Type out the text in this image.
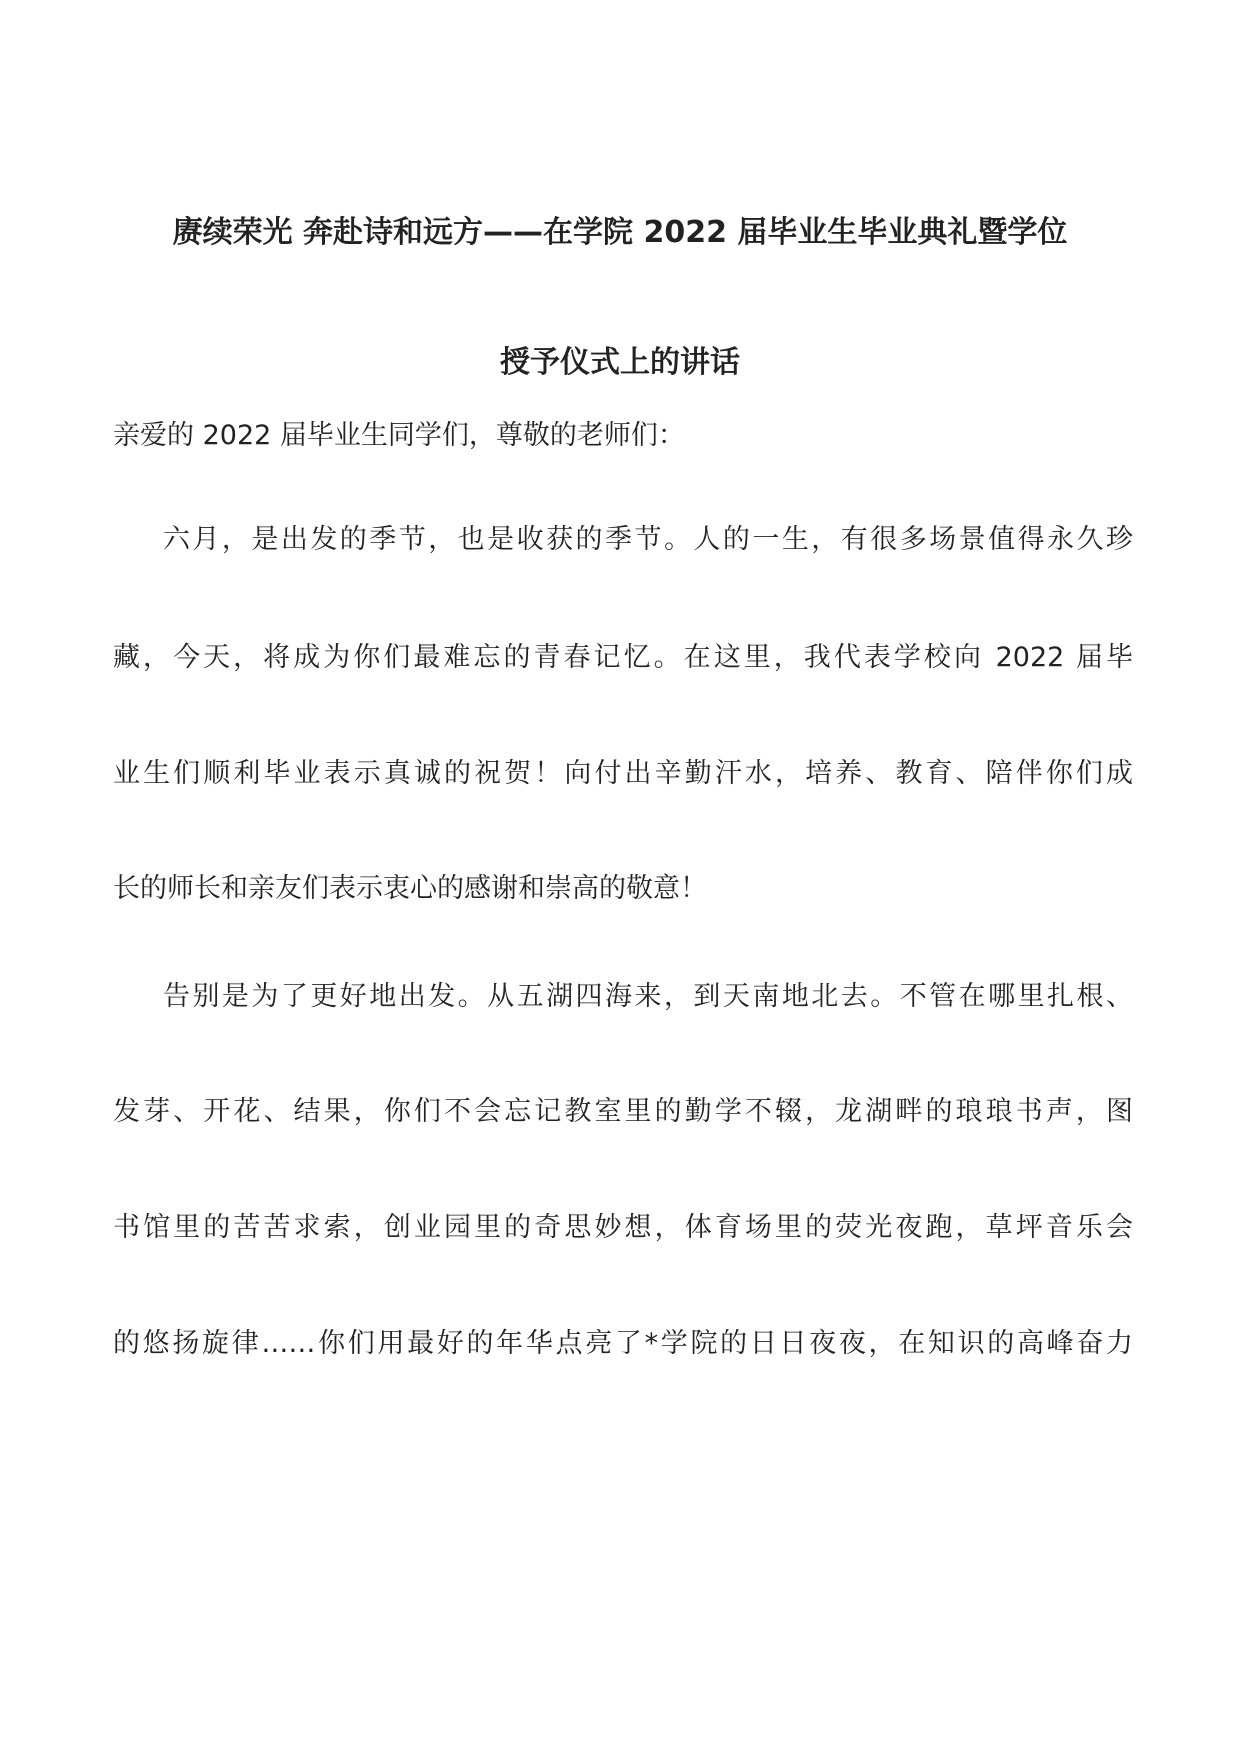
赓续荣光 奔赴诗和远方——在学院 2022 届毕业生毕业典礼暨学位
授予仪式上的讲话

亲爱的 2022 届毕业生同学们，尊敬的老师们：

六月，是出发的季节，也是收获的季节。人的一生，有很多场景值得永久珍

藏，今天，将成为你们最难忘的青春记忆。在这里，我代表学校向 2022 届毕

业生们顺利毕业表示真诚的祝贺！向付出辛勤汗水，培养、教育、陪伴你们成

长的师长和亲友们表示衷心的感谢和崇高的敬意！

告别是为了更好地出发。从五湖四海来，到天南地北去。不管在哪里扎根、

发芽、开花、结果，你们不会忘记教室里的勤学不辍，龙湖畔的琅琅书声，图

书馆里的苦苦求索，创业园里的奇思妙想，体育场里的荧光夜跑，草坪音乐会

的悠扬旋律……你们用最好的年华点亮了*学院的日日夜夜，在知识的高峰奋力
